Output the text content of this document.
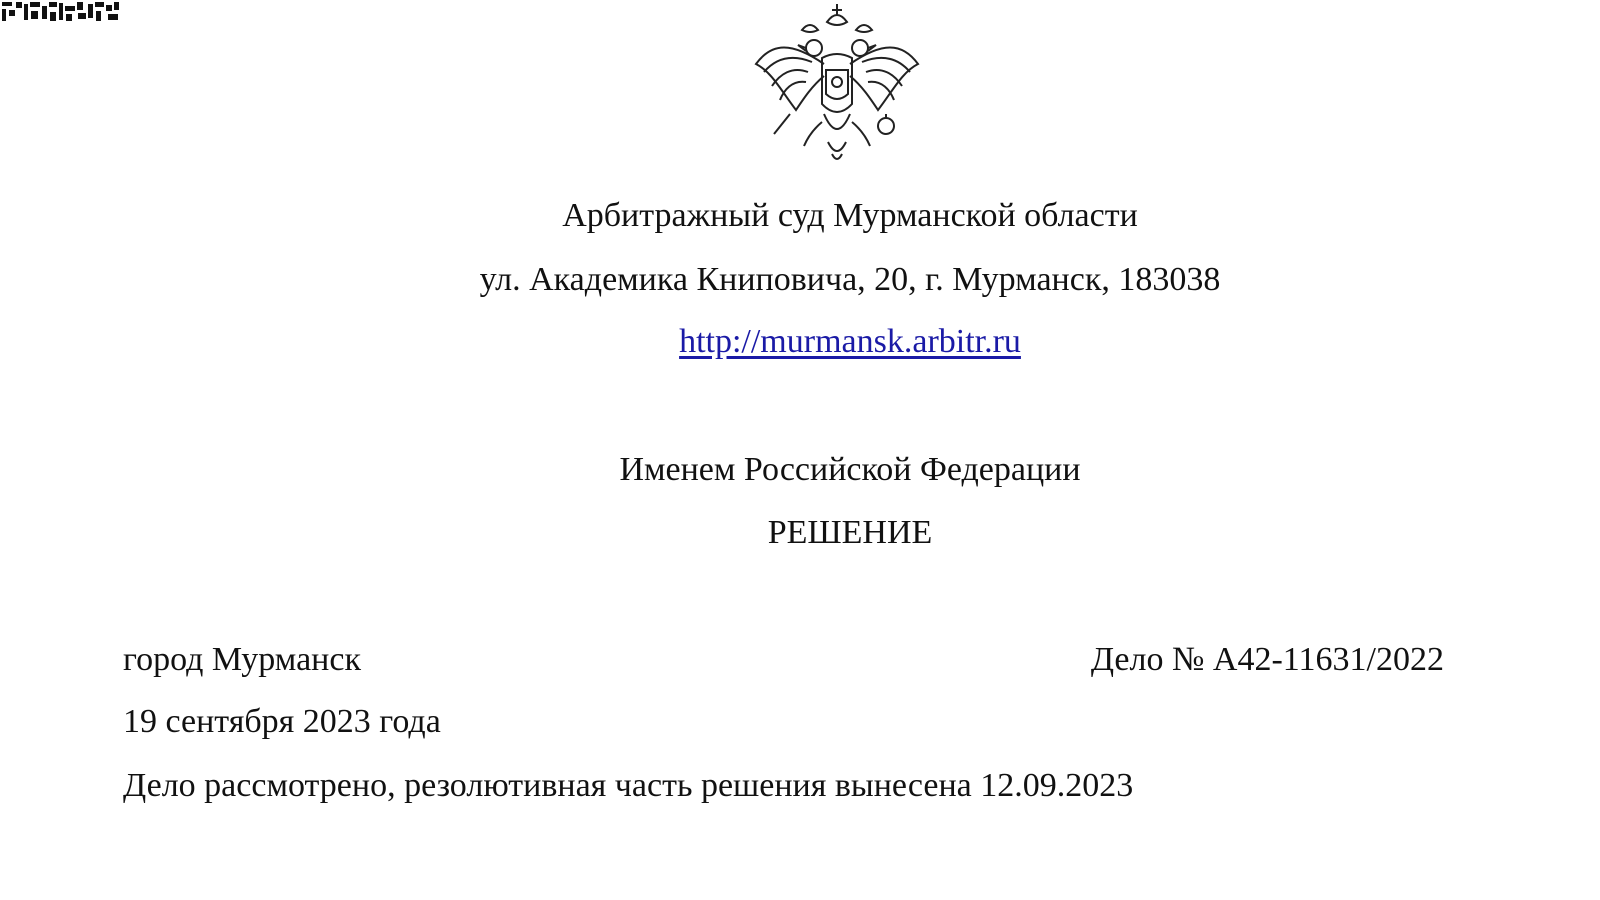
Арбитражный суд Мурманской области
ул. Академика Книповича, 20, г. Мурманск, 183038
http://murmansk.arbitr.ru
Именем Российской Федерации
РЕШЕНИЕ
город Мурманск	Дело № А42-11631/2022
19 сентября 2023 года
Дело рассмотрено, резолютивная часть решения вынесена 12.09.2023
